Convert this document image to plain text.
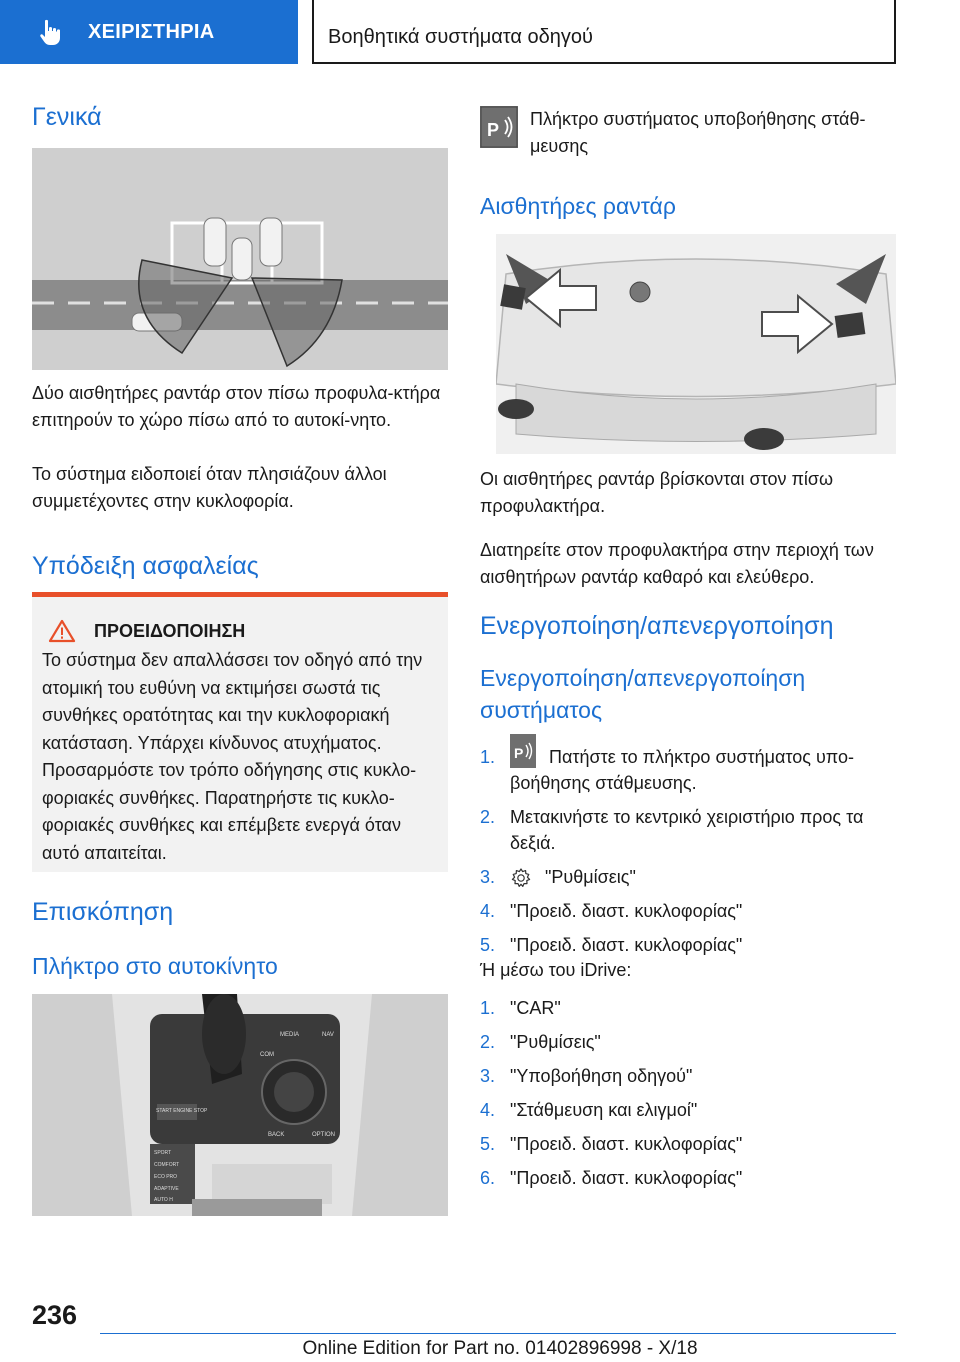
ΧΕΙΡΙΣΤΗΡΙΑ	Βοηθητικά συστήματα οδηγού
Γενικά
Δύο αισθητήρες ραντάρ στον πίσω προφυλα-κτήρα επιτηρούν το χώρο πίσω από το αυτοκί-νητο.
Το σύστημα ειδοποιεί όταν πλησιάζουν άλλοι συμμετέχοντες στην κυκλοφορία.
Υπόδειξη ασφαλείας
ΠΡΟΕΙΔΟΠΟΙΗΣΗ
Το σύστημα δεν απαλλάσσει τον οδηγό από την ατομική του ευθύνη να εκτιμήσει σωστά τις συνθήκες ορατότητας και την κυκλοφοριακή κατάσταση. Υπάρχει κίνδυνος ατυχήματος. Προσαρμόστε τον τρόπο οδήγησης στις κυκλο-φοριακές συνθήκες. Παρατηρήστε τις κυκλο-φοριακές συνθήκες και επέμβετε ενεργά όταν αυτό απαιτείται.
Επισκόπηση
Πλήκτρο στο αυτοκίνητο
MEDIA	NAV
COM
BACK	OPTION
START ENGINE STOP
SPORT
COMFORT
ECO PRO
ADAPTIVE
AUTO H
P
Πλήκτρο συστήματος υποβοήθησης στάθ-μευσης
Αισθητήρες ραντάρ
Οι αισθητήρες ραντάρ βρίσκονται στον πίσω προφυλακτήρα.
Διατηρείτε στον προφυλακτήρα στην περιοχή των αισθητήρων ραντάρ καθαρό και ελεύθερο.
Ενεργοποίηση/απενεργοποίηση
Ενεργοποίηση/απενεργοποίηση συστήματος
1. P Πατήστε το πλήκτρο συστήματος υπο-βοήθησης στάθμευσης.
2. Μετακινήστε το κεντρικό χειριστήριο προς τα δεξιά.
3.	"Ρυθμίσεις"
4. "Προειδ. διαστ. κυκλοφορίας"
5. "Προειδ. διαστ. κυκλοφορίας"
Ή μέσω του iDrive:
1. "CAR"
2. "Ρυθμίσεις"
3. "Υποβοήθηση οδηγού"
4. "Στάθμευση και ελιγμοί"
5. "Προειδ. διαστ. κυκλοφορίας"
6. "Προειδ. διαστ. κυκλοφορίας"
236
Online Edition for Part no. 01402896998 - X/18
